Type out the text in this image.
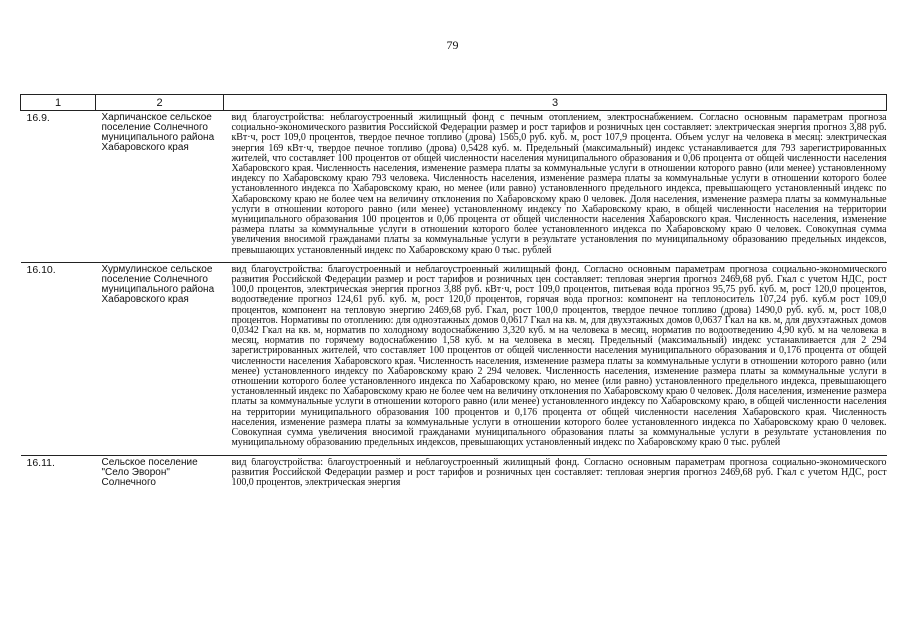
79
1	2	3
16.9.	Харпичанское сельское поселение Солнечного муниципального района Хабаровского края	вид благоустройства: неблагоустроенный жилищный фонд с печным отоплением, электроснабжением. Согласно основным параметрам прогноза социально-экономического развития Российской Федерации размер и рост тарифов и розничных цен составляет: электрическая энергия прогноз 3,88 руб. кВт·ч, рост 109,0 процентов, твердое печное топливо (дрова) 1565,0 руб. куб. м, рост 107,9 процента. Объем услуг на человека в месяц: электрическая энергия 169 кВт·ч, твердое печное топливо (дрова) 0,5428 куб. м. Предельный (максимальный) индекс устанавливается для 793 зарегистрированных жителей, что составляет 100 процентов от общей численности населения муниципального образования и 0,06 процента от общей численности населения Хабаровского края. Численность населения, изменение размера платы за коммунальные услуги в отношении которого равно (или менее) установленному индексу по Хабаровскому краю 793 человека. Численность населения, изменение размера платы за коммунальные услуги в отношении которого более установленного индекса по Хабаровскому краю, но менее (или равно) установленного предельного индекса, превышающего установленный индекс по Хабаровскому краю не более чем на величину отклонения по Хабаровскому краю 0 человек. Доля населения, изменение размера платы за коммунальные услуги в отношении которого равно (или менее) установленному индексу по Хабаровскому краю, в общей численности населения на территории муниципального образования 100 процентов и 0,06 процента от общей численности населения Хабаровского края. Численность населения, изменение размера платы за коммунальные услуги в отношении которого более установленного индекса по Хабаровскому краю 0 человек. Совокупная сумма увеличения вносимой гражданами платы за коммунальные услуги в результате установления по муниципальному образованию предельных индексов, превышающих установленный индекс по Хабаровскому краю 0 тыс. рублей

16.10.	Хурмулинское сельское поселение Солнечного муниципального района Хабаровского края	вид благоустройства: благоустроенный и неблагоустроенный жилищный фонд. Согласно основным параметрам прогноза социально-экономического развития Российской Федерации размер и рост тарифов и розничных цен составляет: тепловая энергия прогноз 2469,68 руб. Гкал с учетом НДС, рост 100,0 процентов, электрическая энергия прогноз 3,88 руб. кВт·ч, рост 109,0 процентов, питьевая вода прогноз 95,75 руб. куб. м, рост 120,0 процентов, водоотведение прогноз 124,61 руб. куб. м, рост 120,0 процентов, горячая вода прогноз: компонент на теплоноситель 107,24 руб. куб.м рост 109,0 процентов, компонент на тепловую энергию 2469,68 руб. Гкал, рост 100,0 процентов, твердое печное топливо (дрова) 1490,0 руб. куб. м, рост 108,0 процентов. Нормативы по отоплению: для одноэтажных домов 0,0617 Гкал на кв. м, для двухэтажных домов 0,0637 Гкал на кв. м, для двухэтажных домов 0,0342 Гкал на кв. м, норматив по холодному водоснабжению 3,320 куб. м на человека в месяц, норматив по водоотведению 4,90 куб. м на человека в месяц, норматив по горячему водоснабжению 1,58 куб. м на человека в месяц. Предельный (максимальный) индекс устанавливается для 2 294 зарегистрированных жителей, что составляет 100 процентов от общей численности населения муниципального образования и 0,176 процента от общей численности населения Хабаровского края. Численность населения, изменение размера платы за коммунальные услуги в отношении которого равно (или менее) установленного индексу по Хабаровскому краю 2 294 человек. Численность населения, изменение размера платы за коммунальные услуги в отношении которого более установленного индекса по Хабаровскому краю, но менее (или равно) установленного предельного индекса, превышающего установленный индекс по Хабаровскому краю не более чем на величину отклонения по Хабаровскому краю 0 человек. Доля населения, изменение размера платы за коммунальные услуги в отношении которого равно (или менее) установленного индексу по Хабаровскому краю, в общей численности населения на территории муниципального образования 100 процентов и 0,176 процента от общей численности населения Хабаровского края. Численность населения, изменение размера платы за коммунальные услуги в отношении которого более установленного индекса по Хабаровскому краю 0 человек. Совокупная сумма увеличения вносимой гражданами муниципального образования платы за коммунальные услуги в результате установления по муниципальному образованию предельных индексов, превышающих установленный индекс по Хабаровскому краю 0 тыс. рублей

16.11.	Сельское поселение "Село Эворон" Солнечного	вид благоустройства: благоустроенный и неблагоустроенный жилищный фонд. Согласно основным параметрам прогноза социально-экономического развития Российской Федерации размер и рост тарифов и розничных цен составляет: тепловая энергия прогноз 2469,68 руб. Гкал с учетом НДС, рост 100,0 процентов, электрическая энергия
